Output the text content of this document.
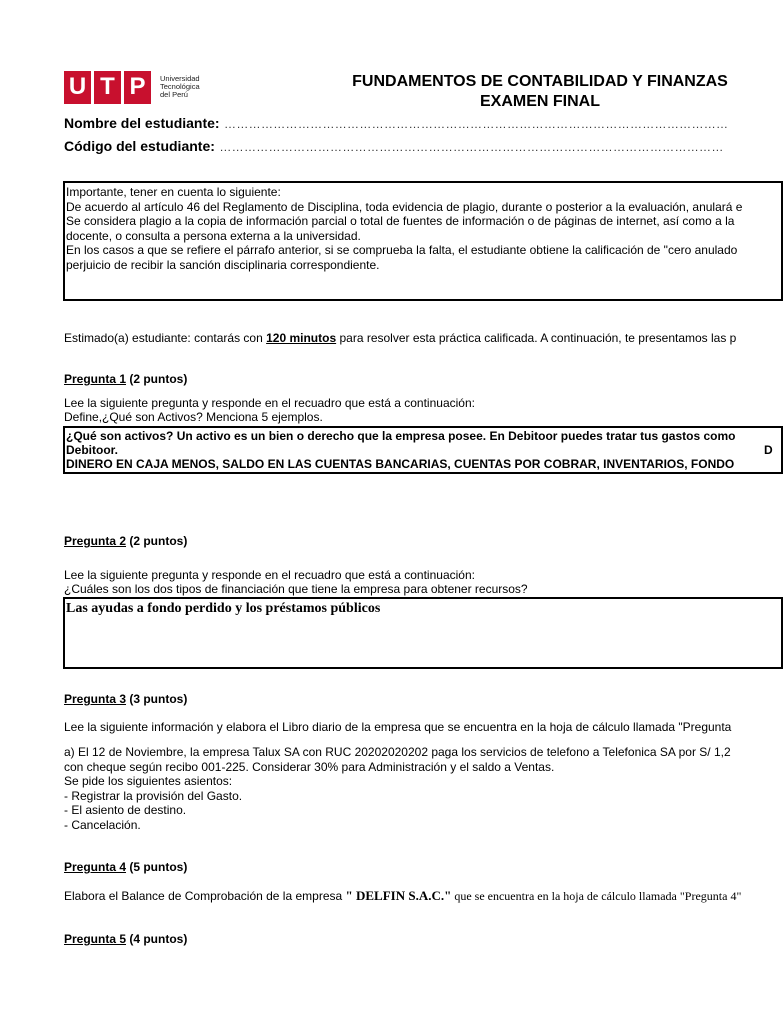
U T P	Universidad
Tecnológica
del Perú
FUNDAMENTOS DE CONTABILIDAD Y FINANZAS
EXAMEN FINAL
Nombre del estudiante: ……………………………………………………………………………………………………………
Código del estudiante: ……………………………………………………………………………………………………………
Importante, tener en cuenta lo siguiente:
De acuerdo al artículo 46 del Reglamento de Disciplina, toda evidencia de plagio, durante o posterior a la evaluación, anulará e
Se considera plagio a la copia de información parcial o total de fuentes de información o de páginas de internet, así como a la
docente, o consulta a persona externa a la universidad.
En los casos a que se refiere el párrafo anterior, si se comprueba la falta, el estudiante obtiene la calificación de "cero anulado
perjuicio de recibir la sanción disciplinaria correspondiente.
Estimado(a) estudiante: contarás con 120 minutos para resolver esta práctica calificada. A continuación, te presentamos las p
Pregunta 1 (2 puntos)
Lee la siguiente pregunta y responde en el recuadro que está a continuación:
Define,¿Qué son Activos? Menciona 5 ejemplos.
¿Qué son activos? Un activo es un bien o derecho que la empresa posee. En Debitoor puedes tratar tus gastos como
Debitoor.	D
DINERO EN CAJA MENOS, SALDO EN LAS CUENTAS BANCARIAS, CUENTAS POR COBRAR, INVENTARIOS, FONDO
Pregunta 2 (2 puntos)
Lee la siguiente pregunta y responde en el recuadro que está a continuación:
¿Cuáles son los dos tipos de financiación que tiene la empresa para obtener recursos?
Las ayudas a fondo perdido y los préstamos públicos
Pregunta 3 (3 puntos)
Lee la siguiente información y elabora el Libro diario de la empresa que se encuentra en la hoja de cálculo llamada "Pregunta
a) El 12 de Noviembre, la empresa Talux SA con RUC 20202020202 paga los servicios de telefono a Telefonica SA por S/ 1,2
con cheque según recibo 001-225. Considerar 30% para Administración y el saldo a Ventas.
Se pide los siguientes asientos:
- Registrar la provisión del Gasto.
- El asiento de destino.
- Cancelación.
Pregunta 4 (5 puntos)
Elabora el Balance de Comprobación de la empresa " DELFIN S.A.C." que se encuentra en la hoja de cálculo llamada "Pregunta 4"
Pregunta 5 (4 puntos)
